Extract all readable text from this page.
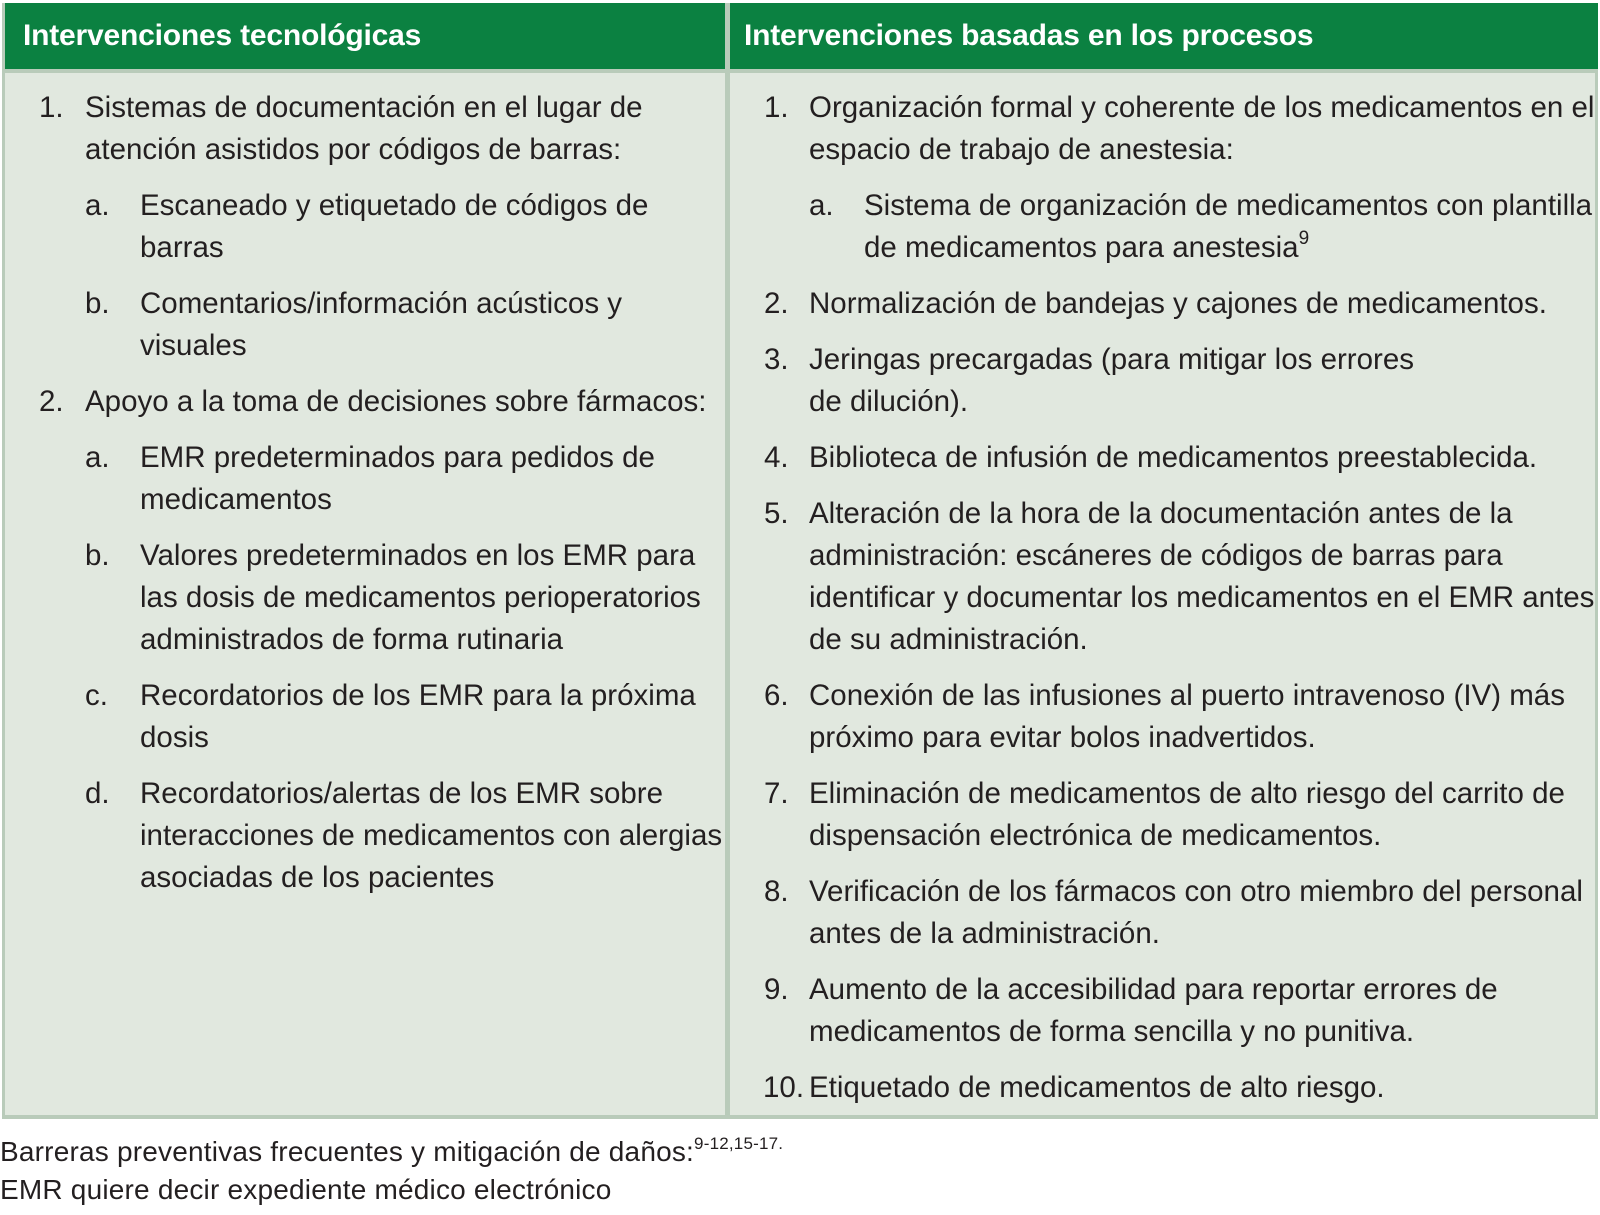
Intervenciones tecnológicas	Intervenciones basadas en los procesos
1. Sistemas de documentación en el lugar de atención asistidos por códigos de barras:
a. Escaneado y etiquetado de códigos de barras
b. Comentarios/información acústicos y visuales
2. Apoyo a la toma de decisiones sobre fármacos:
a. EMR predeterminados para pedidos de medicamentos
b. Valores predeterminados en los EMR para las dosis de medicamentos perioperatorios administrados de forma rutinaria
c. Recordatorios de los EMR para la próxima dosis
d. Recordatorios/alertas de los EMR sobre interacciones de medicamentos con alergias asociadas de los pacientes
1. Organización formal y coherente de los medicamentos en el espacio de trabajo de anestesia:
a. Sistema de organización de medicamentos con plantilla de medicamentos para anestesia$^9$
2. Normalización de bandejas y cajones de medicamentos.
3. Jeringas precargadas (para mitigar los errores de dilución).
4. Biblioteca de infusión de medicamentos preestablecida.
5. Alteración de la hora de la documentación antes de la administración: escáneres de códigos de barras para identificar y documentar los medicamentos en el EMR antes de su administración.
6. Conexión de las infusiones al puerto intravenoso (IV) más próximo para evitar bolos inadvertidos.
7. Eliminación de medicamentos de alto riesgo del carrito de dispensación electrónica de medicamentos.
8. Verificación de los fármacos con otro miembro del personal antes de la administración.
9. Aumento de la accesibilidad para reportar errores de medicamentos de forma sencilla y no punitiva.
10. Etiquetado de medicamentos de alto riesgo.
Barreras preventivas frecuentes y mitigación de daños:$^{9-12,15-17.}$
EMR quiere decir expediente médico electrónico
